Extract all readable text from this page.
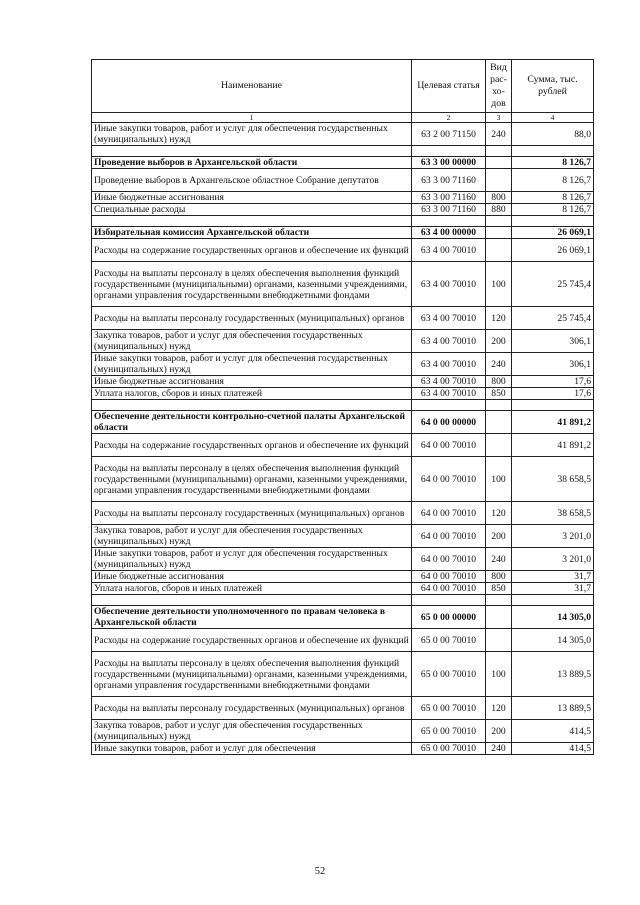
Наименование	Целевая статья	Вид рас-хо-дов	Сумма, тыс. рублей
1	2	3	4
Иные закупки товаров, работ и услуг для обеспечения государственных (муниципальных) нужд	63 2 00 71150	240	88,0

Проведение выборов в Архангельской области	63 3 00 00000		8 126,7
Проведение выборов в Архангельское областное Собрание депутатов	63 3 00 71160		8 126,7
Иные бюджетные ассигнования	63 3 00 71160	800	8 126,7
Специальные расходы	63 3 00 71160	880	8 126,7

Избирательная комиссия Архангельской области	63 4 00 00000		26 069,1
Расходы на содержание государственных органов и обеспечение их функций	63 4 00 70010		26 069,1
Расходы на выплаты персоналу в целях обеспечения выполнения функций государственными (муниципальными) органами, казенными учреждениями, органами управления государственными внебюджетными фондами	63 4 00 70010	100	25 745,4
Расходы на выплаты персоналу государственных (муниципальных) органов	63 4 00 70010	120	25 745,4
Закупка товаров, работ и услуг для обеспечения государственных (муниципальных) нужд	63 4 00 70010	200	306,1
Иные закупки товаров, работ и услуг для обеспечения государственных (муниципальных) нужд	63 4 00 70010	240	306,1
Иные бюджетные ассигнования	63 4 00 70010	800	17,6
Уплата налогов, сборов и иных платежей	63 4 00 70010	850	17,6

Обеспечение деятельности контрольно-счетной палаты Архангельской области	64 0 00 00000		41 891,2
Расходы на содержание государственных органов и обеспечение их функций	64 0 00 70010		41 891,2
Расходы на выплаты персоналу в целях обеспечения выполнения функций государственными (муниципальными) органами, казенными учреждениями, органами управления государственными внебюджетными фондами	64 0 00 70010	100	38 658,5
Расходы на выплаты персоналу государственных (муниципальных) органов	64 0 00 70010	120	38 658,5
Закупка товаров, работ и услуг для обеспечения государственных (муниципальных) нужд	64 0 00 70010	200	3 201,0
Иные закупки товаров, работ и услуг для обеспечения государственных (муниципальных) нужд	64 0 00 70010	240	3 201,0
Иные бюджетные ассигнования	64 0 00 70010	800	31,7
Уплата налогов, сборов и иных платежей	64 0 00 70010	850	31,7

Обеспечение деятельности уполномоченного по правам человека в Архангельской области	65 0 00 00000		14 305,0
Расходы на содержание государственных органов и обеспечение их функций	65 0 00 70010		14 305,0
Расходы на выплаты персоналу в целях обеспечения выполнения функций государственными (муниципальными) органами, казенными учреждениями, органами управления государственными внебюджетными фондами	65 0 00 70010	100	13 889,5
Расходы на выплаты персоналу государственных (муниципальных) органов	65 0 00 70010	120	13 889,5
Закупка товаров, работ и услуг для обеспечения государственных (муниципальных) нужд	65 0 00 70010	200	414,5
Иные закупки товаров, работ и услуг для обеспечения	65 0 00 70010	240	414,5
52
